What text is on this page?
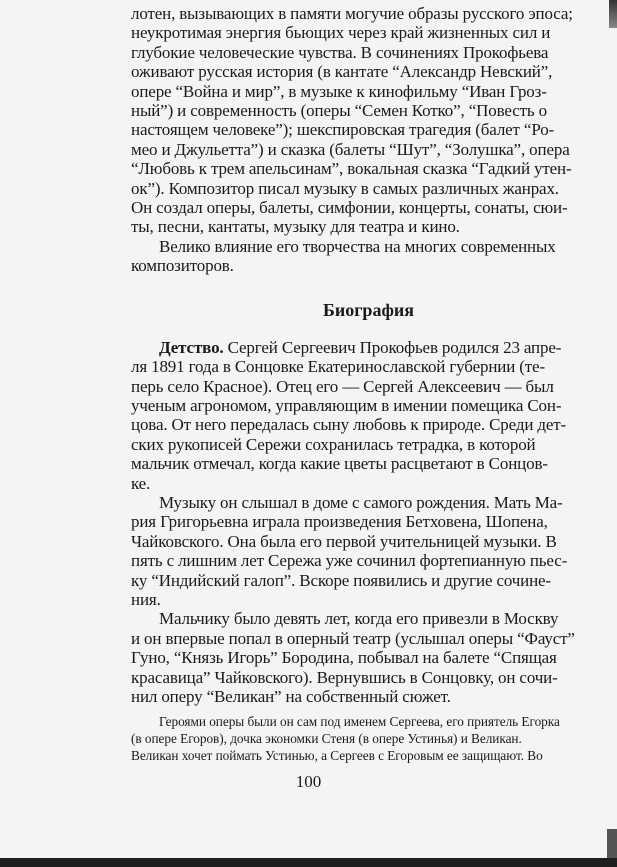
лотен, вызывающих в памяти могучие образы русского эпоса;
неукротимая энергия бьющих через край жизненных сил и
глубокие человеческие чувства. В сочинениях Прокофьева
оживают русская история (в кантате “Александр Невский”,
опере “Война и мир”, в музыке к кинофильму “Иван Гроз-
ный”) и современность (оперы “Семен Котко”, “Повесть о
настоящем человеке”); шекспировская трагедия (балет “Ро-
мео и Джульетта”) и сказка (балеты “Шут”, “Золушка”, опера
“Любовь к трем апельсинам”, вокальная сказка “Гадкий утен-
ок”). Композитор писал музыку в самых различных жанрах.
Он создал оперы, балеты, симфонии, концерты, сонаты, сюи-
ты, песни, кантаты, музыку для театра и кино.
Велико влияние его творчества на многих современных
композиторов.
Биография
Детство. Сергей Сергеевич Прокофьев родился 23 апре-
ля 1891 года в Сонцовке Екатеринославской губернии (те-
перь село Красное). Отец его — Сергей Алексеевич — был
ученым агрономом, управляющим в имении помещика Сон-
цова. От него передалась сыну любовь к природе. Среди дет-
ских рукописей Сережи сохранилась тетрадка, в которой
мальчик отмечал, когда какие цветы расцветают в Сонцов-
ке.
Музыку он слышал в доме с самого рождения. Мать Ма-
рия Григорьевна играла произведения Бетховена, Шопена,
Чайковского. Она была его первой учительницей музыки. В
пять с лишним лет Сережа уже сочинил фортепианную пьес-
ку “Индийский галоп”. Вскоре появились и другие сочине-
ния.
Мальчику было девять лет, когда его привезли в Москву
и он впервые попал в оперный театр (услышал оперы “Фауст”
Гуно, “Князь Игорь” Бородина, побывал на балете “Спящая
красавица” Чайковского). Вернувшись в Сонцовку, он сочи-
нил оперу “Великан” на собственный сюжет.
Героями оперы были он сам под именем Сергеева, его приятель Егорка
(в опере Егоров), дочка экономки Стеня (в опере Устинья) и Великан.
Великан хочет поймать Устинью, а Сергеев с Егоровым ее защищают. Во
100
